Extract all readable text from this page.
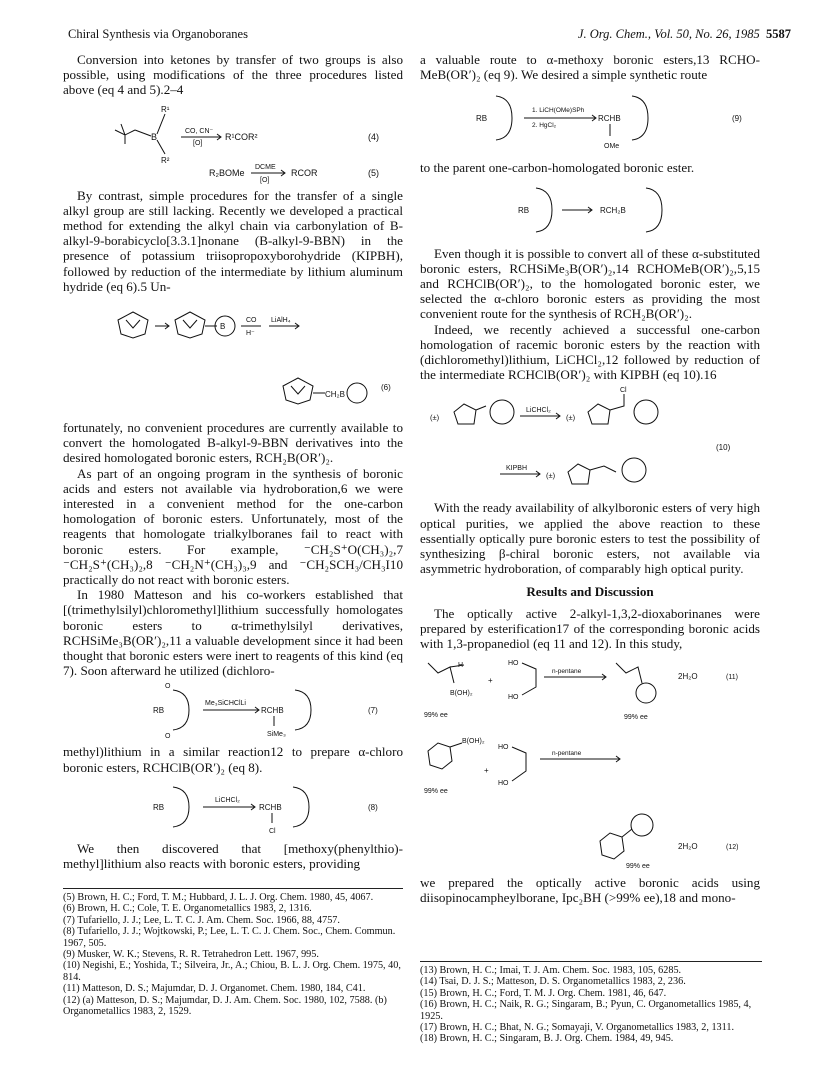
Chiral Synthesis via Organoboranes	J. Org. Chem., Vol. 50, No. 26, 1985 5587

Conversion into ketones by transfer of two groups is also possible, using modifications of the three procedures listed above (eq 4 and 5).2–4

B
R¹
R²
CO, CN⁻
[O]
R¹COR²	(4)
R₂BOMe
DCME
[O]
RCOR	(5)

By contrast, simple procedures for the transfer of a single alkyl group are still lacking. Recently we developed a practical method for extending the alkyl chain via carbonylation of B-alkyl-9-borabicyclo[3.3.1]nonane (B-alkyl-9-BBN) in the presence of potassium triisopropoxyborohydride (KIPBH), followed by reduction of the intermediate by lithium aluminum hydride (eq 6).5 Un-

B
CO
H⁻
LiAlH₄
CH₂B
(6)

fortunately, no convenient procedures are currently available to convert the homologated B-alkyl-9-BBN derivatives into the desired homologated boronic esters, RCH₂B(OR′)₂.

As part of an ongoing program in the synthesis of boronic acids and esters not available via hydroboration,6 we were interested in a convenient method for the one-carbon homologation of boronic esters. Unfortunately, most of the reagents that homologate trialkylboranes fail to react with boronic esters. For example, ⁻CH₂S⁺O(CH₃)₂,7 ⁻CH₂S⁺(CH₃)₂,8 ⁻CH₂N⁺(CH₃)₃,9 and ⁻CH₂SCH₃/CH₃I10 practically do not react with boronic esters.

In 1980 Matteson and his co-workers established that [(trimethylsilyl)chloromethyl]lithium successfully homologates boronic esters to α-trimethylsilyl derivatives, RCHSiMe₃B(OR′)₂,11 a valuable development since it had been thought that boronic esters were inert to reagents of this kind (eq 7). Soon afterward he utilized (dichloro-

O
O
RB
Me₃SiCHClLi
RCHB
SiMe₃
(7)

methyl)lithium in a similar reaction12 to prepare α-chloro boronic esters, RCHClB(OR′)₂ (eq 8).

RB
LiCHCl₂
RCHB
Cl
(8)

We then discovered that [methoxy(phenylthio)-methyl]lithium also reacts with boronic esters, providing

a valuable route to α-methoxy boronic esters,13 RCHO-MeB(OR′)₂ (eq 9). We desired a simple synthetic route

RB
1. LiCH(OMe)SPh
2. HgCl₂
RCHB
OMe
(9)

to the parent one-carbon-homologated boronic ester.

RB	RCH₂B

Even though it is possible to convert all of these α-substituted boronic esters, RCHSiMe₃B(OR′)₂,14 RCHOMeB(OR′)₂,5,15 and RCHClB(OR′)₂, to the homologated boronic ester, we selected the α-chloro boronic esters as providing the most convenient route for the synthesis of RCH₂B(OR′)₂.

Indeed, we recently achieved a successful one-carbon homologation of racemic boronic esters by the reaction with (dichloromethyl)lithium, LiCHCl₂,12 followed by reduction of the intermediate RCHClB(OR′)₂ with KIPBH (eq 10).16

(±)
LiCHCl₂
(±)
Cl
KIPBH
(±)
(10)

With the ready availability of alkylboronic esters of very high optical purities, we applied the above reaction to these essentially optically pure boronic esters to test the possibility of synthesizing β-chiral boronic esters, not available via asymmetric hydroboration, of comparably high optical purity.

Results and Discussion

The optically active 2-alkyl-1,3,2-dioxaborinanes were prepared by esterification17 of the corresponding boronic acids with 1,3-propanediol (eq 11 and 12). In this study,

H
B(OH)₂
+
HO
HO
n-pentane
2H₂O	(11)
99% ee	99% ee
B(OH)₂
+
HO
HO
n-pentane
99% ee
2H₂O	(12)
99% ee

we prepared the optically active boronic acids using diisopinocampheylborane, Ipc₂BH (>99% ee),18 and mono-

(5) Brown, H. C.; Ford, T. M.; Hubbard, J. L. J. Org. Chem. 1980, 45, 4067.
(6) Brown, H. C.; Cole, T. E. Organometallics 1983, 2, 1316.
(7) Tufariello, J. J.; Lee, L. T. C. J. Am. Chem. Soc. 1966, 88, 4757.
(8) Tufariello, J. J.; Wojtkowski, P.; Lee, L. T. C. J. Chem. Soc., Chem. Commun. 1967, 505.
(9) Musker, W. K.; Stevens, R. R. Tetrahedron Lett. 1967, 995.
(10) Negishi, E.; Yoshida, T.; Silveira, Jr., A.; Chiou, B. L. J. Org. Chem. 1975, 40, 814.
(11) Matteson, D. S.; Majumdar, D. J. Organomet. Chem. 1980, 184, C41.
(12) (a) Matteson, D. S.; Majumdar, D. J. Am. Chem. Soc. 1980, 102, 7588. (b) Organometallics 1983, 2, 1529.
(13) Brown, H. C.; Imai, T. J. Am. Chem. Soc. 1983, 105, 6285.
(14) Tsai, D. J. S.; Matteson, D. S. Organometallics 1983, 2, 236.
(15) Brown, H. C.; Ford, T. M. J. Org. Chem. 1981, 46, 647.
(16) Brown, H. C.; Naik, R. G.; Singaram, B.; Pyun, C. Organometallics 1985, 4, 1925.
(17) Brown, H. C.; Bhat, N. G.; Somayaji, V. Organometallics 1983, 2, 1311.
(18) Brown, H. C.; Singaram, B. J. Org. Chem. 1984, 49, 945.
